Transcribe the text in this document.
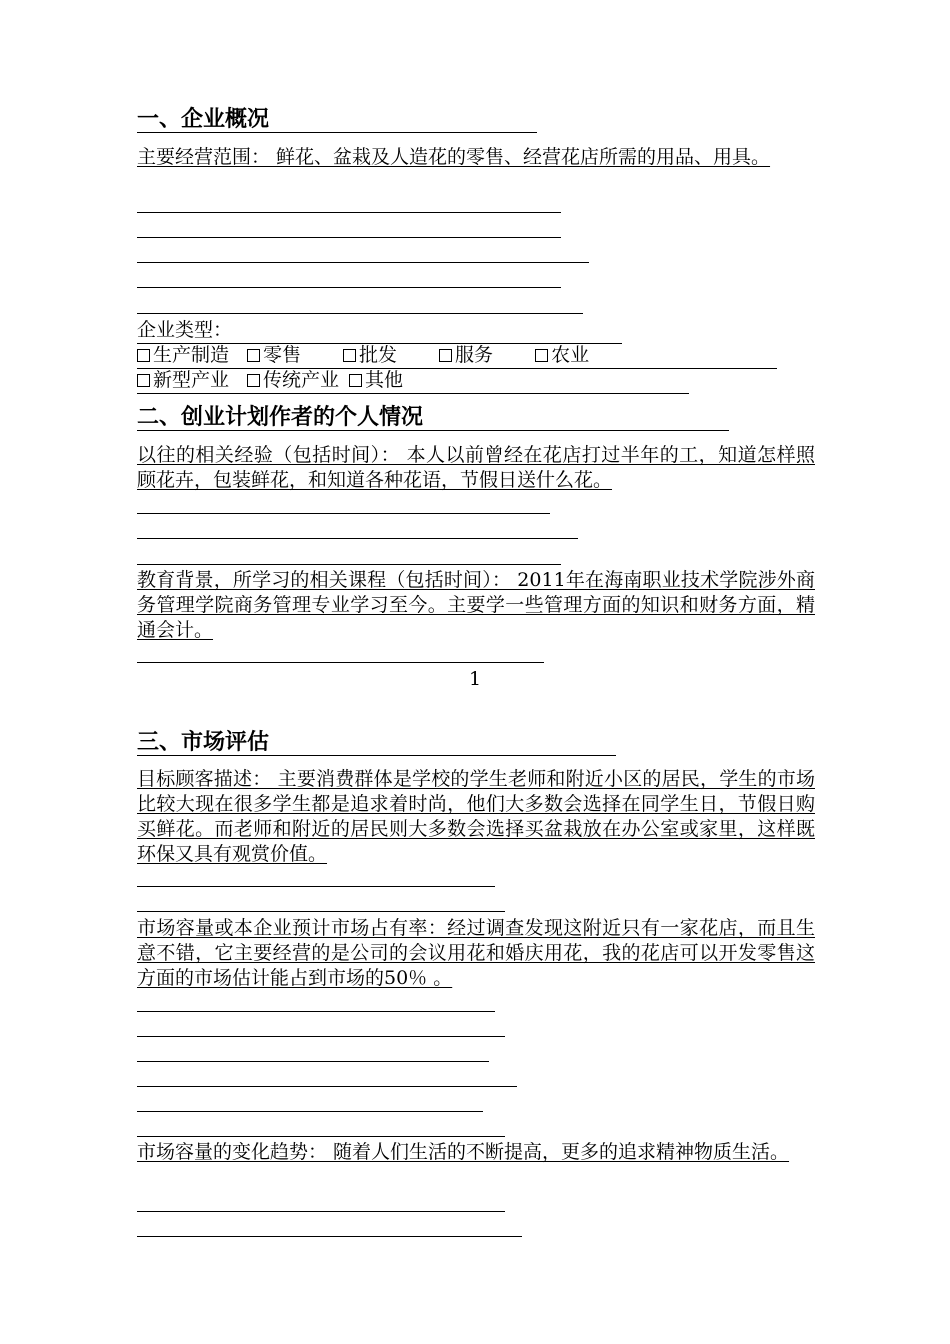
一、企业概况
主要经营范围： 鲜花、盆栽及人造花的零售、经营花店所需的用品、用具。
企业类型：
生产制造 零售	批发	服务	农业
新型产业 传统产业 其他
二、创业计划作者的个人情况
以往的相关经验（包括时间）： 本人以前曾经在花店打过半年的工，知道怎样照顾花卉，包装鲜花，和知道各种花语，节假日送什么花。
教育背景，所学习的相关课程（包括时间）： 2011年在海南职业技术学院涉外商务管理学院商务管理专业学习至今。主要学一些管理方面的知识和财务方面，精通会计。
1
三、市场评估
目标顾客描述： 主要消费群体是学校的学生老师和附近小区的居民，学生的市场比较大现在很多学生都是追求着时尚，他们大多数会选择在同学生日，节假日购买鲜花。而老师和附近的居民则大多数会选择买盆栽放在办公室或家里，这样既环保又具有观赏价值。
市场容量或本企业预计市场占有率：经过调查发现这附近只有一家花店，而且生意不错，它主要经营的是公司的会议用花和婚庆用花，我的花店可以开发零售这方面的市场估计能占到市场的50％ 。
市场容量的变化趋势： 随着人们生活的不断提高，更多的追求精神物质生活。
